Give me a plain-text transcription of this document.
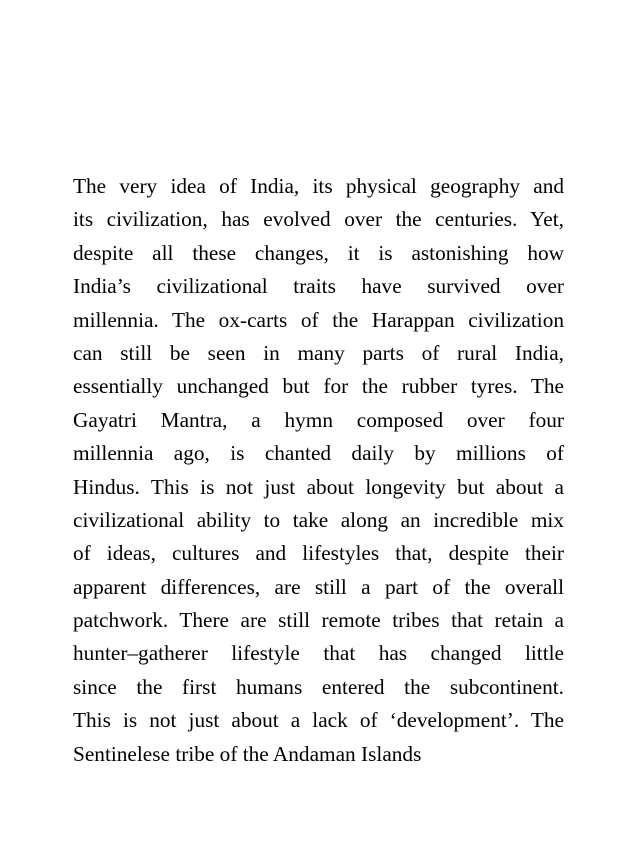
The very idea of India, its physical geography and
its civilization, has evolved over the centuries. Yet,
despite all these changes, it is astonishing how
India’s civilizational traits have survived over
millennia. The ox-carts of the Harappan civilization
can still be seen in many parts of rural India,
essentially unchanged but for the rubber tyres. The
Gayatri Mantra, a hymn composed over four
millennia ago, is chanted daily by millions of
Hindus. This is not just about longevity but about a
civilizational ability to take along an incredible mix
of ideas, cultures and lifestyles that, despite their
apparent differences, are still a part of the overall
patchwork. There are still remote tribes that retain a
hunter–gatherer lifestyle that has changed little
since the first humans entered the subcontinent.
This is not just about a lack of ‘development’. The
Sentinelese tribe of the Andaman Islands
